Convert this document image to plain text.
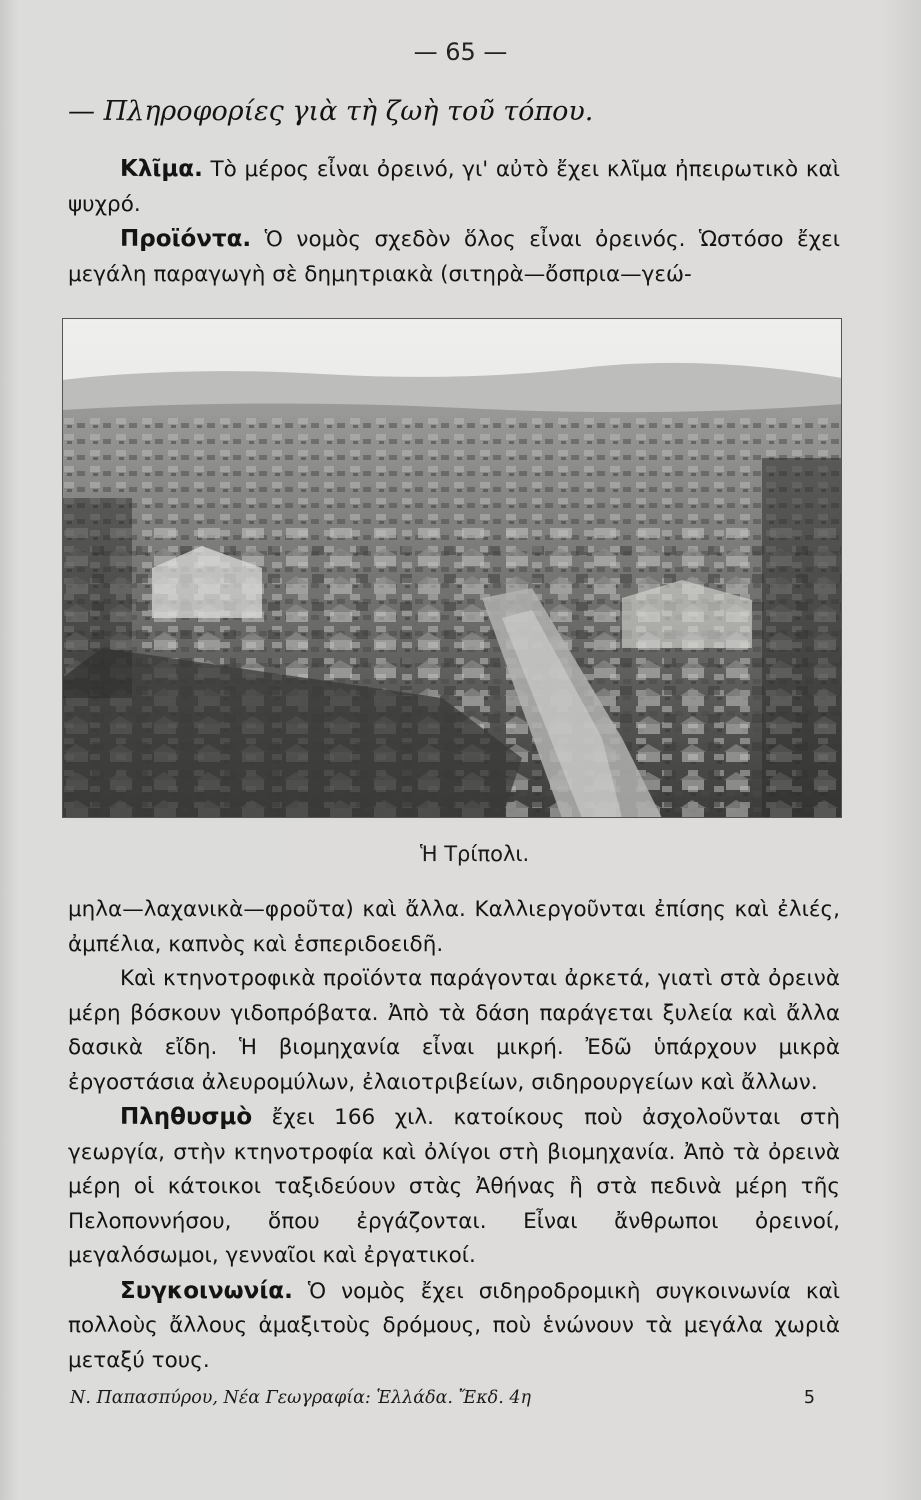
— 65 —
— Πληροφορίες γιὰ τὴ ζωὴ τοῦ τόπου.

Κλῖμα. Τὸ μέρος εἶναι ὀρεινό, γι' αὐτὸ ἔχει κλῖμα ἠπειρωτικὸ καὶ ψυχρό.

Προϊόντα. Ὁ νομὸς σχεδὸν ὅλος εἶναι ὀρεινός. Ὡστόσο ἔχει μεγάλη παραγωγὴ σὲ δημητριακὰ (σιτηρὰ—ὄσπρια—γεώ-

Ἡ Τρίπολι.

μηλα—λαχανικὰ—φροῦτα) καὶ ἄλλα. Καλλιεργοῦνται ἐπίσης καὶ ἐλιές, ἀμπέλια, καπνὸς καὶ ἑσπεριδοειδῆ.

Καὶ κτηνοτροφικὰ προϊόντα παράγονται ἀρκετά, γιατὶ στὰ ὀρεινὰ μέρη βόσκουν γιδοπρόβατα. Ἀπὸ τὰ δάση παράγεται ξυλεία καὶ ἄλλα δασικὰ εἴδη. Ἡ βιομηχανία εἶναι μικρή. Ἐδῶ ὑπάρχουν μικρὰ ἐργοστάσια ἀλευρομύλων, ἐλαιοτριβείων, σιδηρουργείων καὶ ἄλλων.

Πληθυσμὸ ἔχει 166 χιλ. κατοίκους ποὺ ἀσχολοῦνται στὴ γεωργία, στὴν κτηνοτροφία καὶ ὀλίγοι στὴ βιομηχανία. Ἀπὸ τὰ ὀρεινὰ μέρη οἱ κάτοικοι ταξιδεύουν στὰς Ἀθήνας ἢ στὰ πεδινὰ μέρη τῆς Πελοποννήσου, ὅπου ἐργάζονται. Εἶναι ἄνθρωποι ὀρεινοί, μεγαλόσωμοι, γενναῖοι καὶ ἐργατικοί.

Συγκοινωνία. Ὁ νομὸς ἔχει σιδηροδρομικὴ συγκοινωνία καὶ πολλοὺς ἄλλους ἀμαξιτοὺς δρόμους, ποὺ ἑνώνουν τὰ μεγάλα χωριὰ μεταξύ τους.

Ν. Παπασπύρου, Νέα Γεωγραφία: Ἑλλάδα. Ἔκδ. 4η	5
